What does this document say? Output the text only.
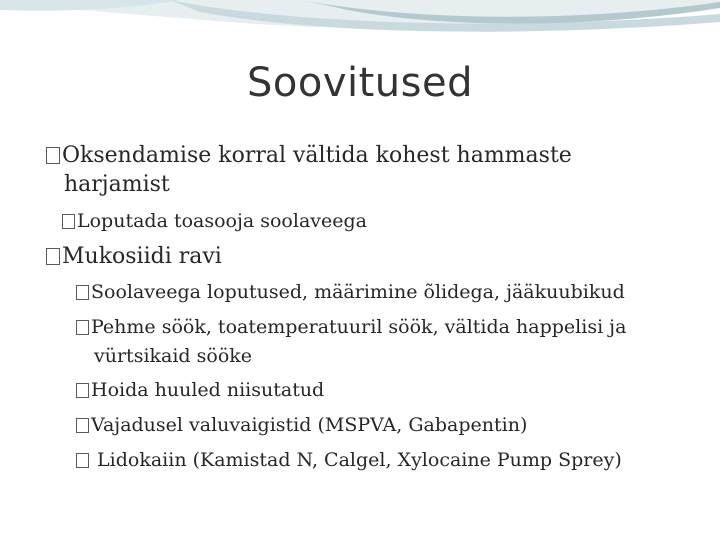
Soovitused
Oksendamise korral vältida kohest hammaste
harjamist
Loputada toasooja soolaveega
Mukosiidi ravi
Soolaveega loputused, määrimine õlidega, jääkuubikud
Pehme söök, toatemperatuuril söök, vältida happelisi ja
vürtsikaid sööke
Hoida huuled niisutatud
Vajadusel valuvaigistid (MSPVA, Gabapentin)
Lidokaiin (Kamistad N, Calgel, Xylocaine Pump Sprey)
